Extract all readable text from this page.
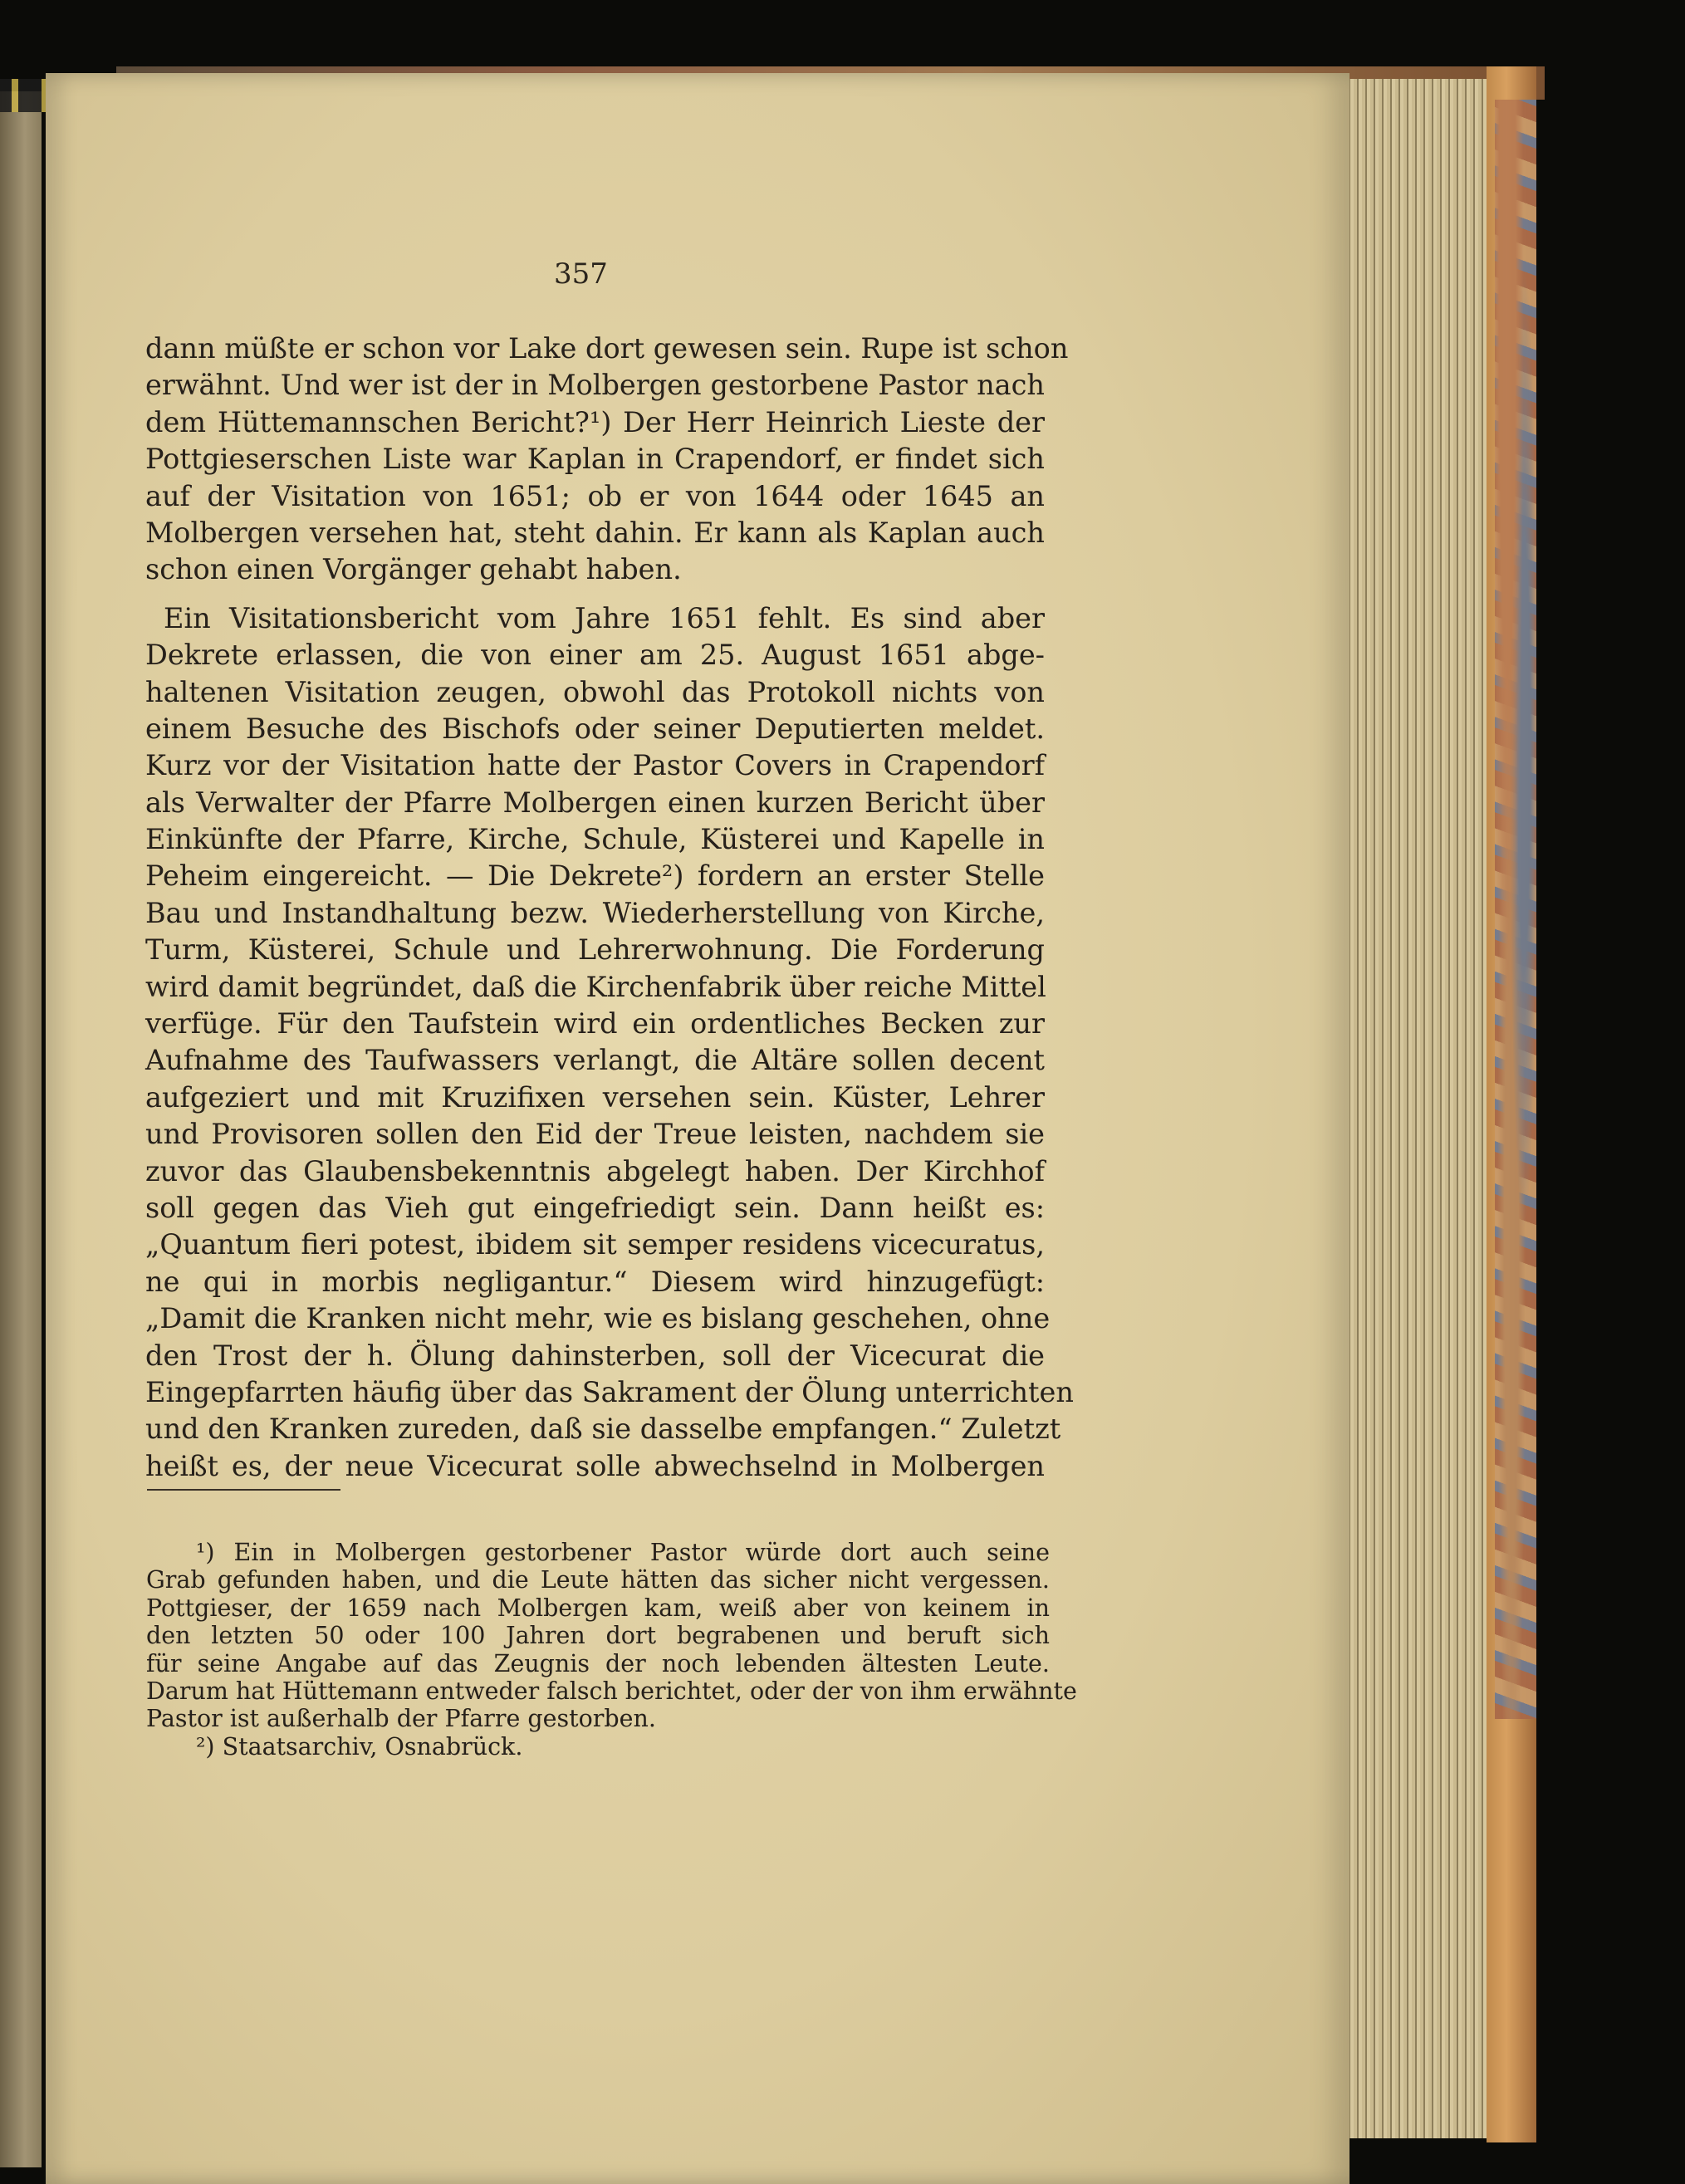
357
dann müßte er schon vor Lake dort gewesen sein. Rupe ist schon
erwähnt. Und wer ist der in Molbergen gestorbene Pastor nach
dem Hüttemannschen Bericht?¹) Der Herr Heinrich Lieste der
Pottgieserschen Liste war Kaplan in Crapendorf, er findet sich
auf der Visitation von 1651; ob er von 1644 oder 1645 an
Molbergen versehen hat, steht dahin. Er kann als Kaplan auch
schon einen Vorgänger gehabt haben.
Ein Visitationsbericht vom Jahre 1651 fehlt. Es sind aber
Dekrete erlassen, die von einer am 25. August 1651 abge-
haltenen Visitation zeugen, obwohl das Protokoll nichts von
einem Besuche des Bischofs oder seiner Deputierten meldet.
Kurz vor der Visitation hatte der Pastor Covers in Crapendorf
als Verwalter der Pfarre Molbergen einen kurzen Bericht über
Einkünfte der Pfarre, Kirche, Schule, Küsterei und Kapelle in
Peheim eingereicht. — Die Dekrete²) fordern an erster Stelle
Bau und Instandhaltung bezw. Wiederherstellung von Kirche,
Turm, Küsterei, Schule und Lehrerwohnung. Die Forderung
wird damit begründet, daß die Kirchenfabrik über reiche Mittel
verfüge. Für den Taufstein wird ein ordentliches Becken zur
Aufnahme des Taufwassers verlangt, die Altäre sollen decent
aufgeziert und mit Kruzifixen versehen sein. Küster, Lehrer
und Provisoren sollen den Eid der Treue leisten, nachdem sie
zuvor das Glaubensbekenntnis abgelegt haben. Der Kirchhof
soll gegen das Vieh gut eingefriedigt sein. Dann heißt es:
„Quantum fieri potest, ibidem sit semper residens vicecuratus,
ne qui in morbis negligantur.“ Diesem wird hinzugefügt:
„Damit die Kranken nicht mehr, wie es bislang geschehen, ohne
den Trost der h. Ölung dahinsterben, soll der Vicecurat die
Eingepfarrten häufig über das Sakrament der Ölung unterrichten
und den Kranken zureden, daß sie dasselbe empfangen.“ Zuletzt
heißt es, der neue Vicecurat solle abwechselnd in Molbergen
¹) Ein in Molbergen gestorbener Pastor würde dort auch seine
Grab gefunden haben, und die Leute hätten das sicher nicht vergessen.
Pottgieser, der 1659 nach Molbergen kam, weiß aber von keinem in
den letzten 50 oder 100 Jahren dort begrabenen und beruft sich
für seine Angabe auf das Zeugnis der noch lebenden ältesten Leute.
Darum hat Hüttemann entweder falsch berichtet, oder der von ihm erwähnte
Pastor ist außerhalb der Pfarre gestorben.
²) Staatsarchiv, Osnabrück.
